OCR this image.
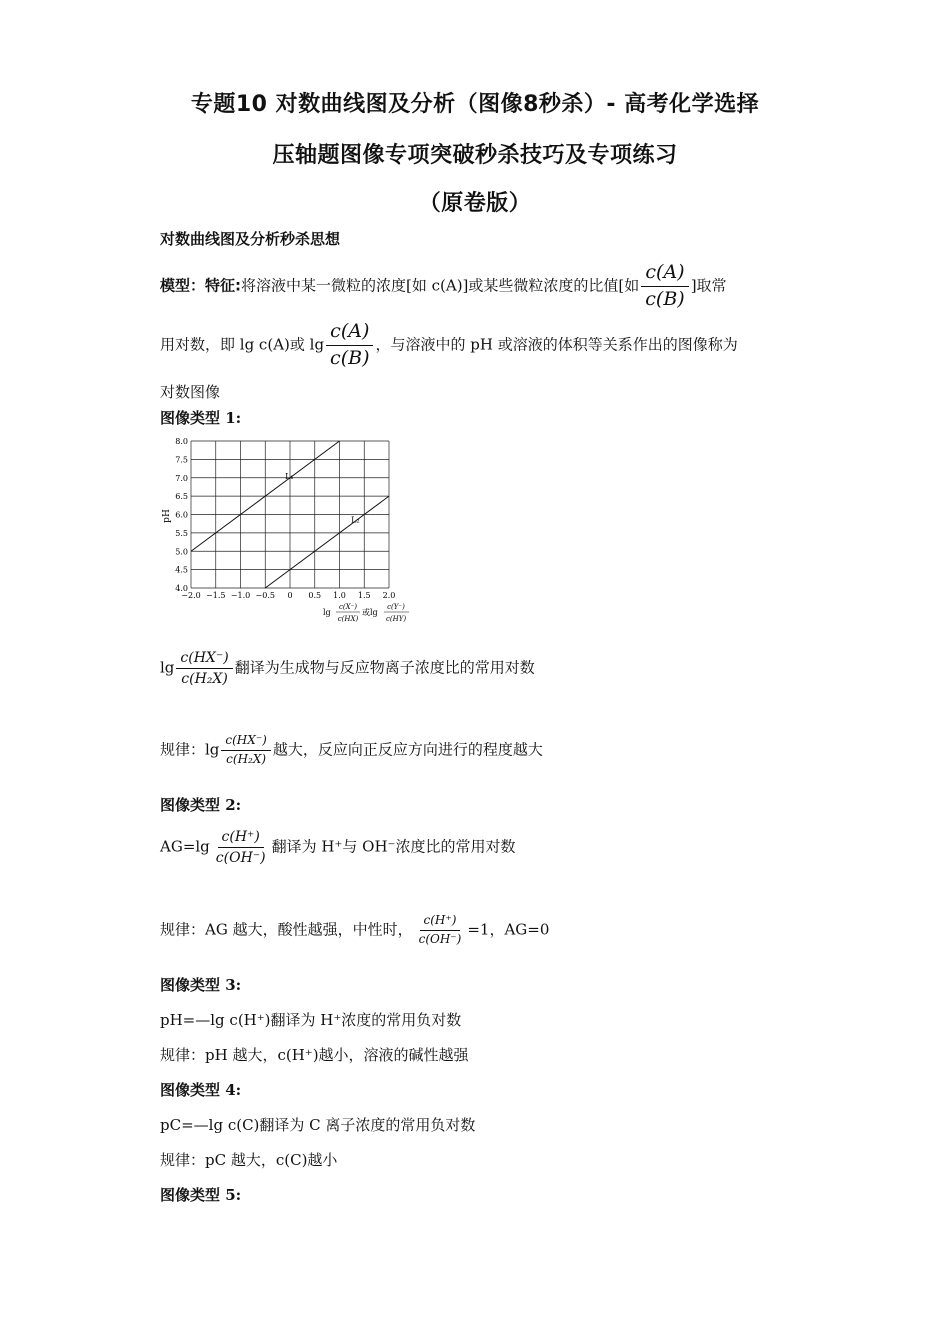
专题10 对数曲线图及分析（图像8秒杀）- 高考化学选择
压轴题图像专项突破秒杀技巧及专项练习
（原卷版）
对数曲线图及分析秒杀思想
模型：特征:将溶液中某一微粒的浓度[如 c(A)]或某些微粒浓度的比值[如 $\frac{c(A)}{c(B)}$ ]取常
用对数，即 lg c(A)或 $\lg \frac{c(A)}{c(B)}$ ，与溶液中的 pH 或溶液的体积等关系作出的图像称为
对数图像
图像类型 1:
L₁
L₂
−2.0 −1.5 −1.0 −0.5 0 0.5 1.0 1.5 2.0
4.0
4.5
5.0
5.5
6.0
6.5
7.0
7.5
8.0
pH
lg
c(X⁻)
c(HX)
或lg
c(Y⁻)
c(HY)
$\lg \frac{c(HX^-)}{\text{c(H₂X)}}$ 翻译为生成物与反应物离子浓度比的常用对数
规律：$\lg \frac{c(HX^-)}{\text{c(H₂X)}}$ 越大，反应向正反应方向进行的程度越大
图像类型 2:
$AG=\lg \frac{c(H^+)}{c(OH^-)}$ 翻译为 H⁺与 OH⁻浓度比的常用对数
规律：AG 越大，酸性越强，中性时， $\frac{c(H^+)}{c(OH^-)} =1$，AG=0
图像类型 3:
pH=—lg c(H⁺)翻译为 H⁺浓度的常用负对数
规律：pH 越大，c(H⁺)越小，溶液的碱性越强
图像类型 4:
pC=—lg c(C)翻译为 C 离子浓度的常用负对数
规律：pC 越大，c(C)越小
图像类型 5:
